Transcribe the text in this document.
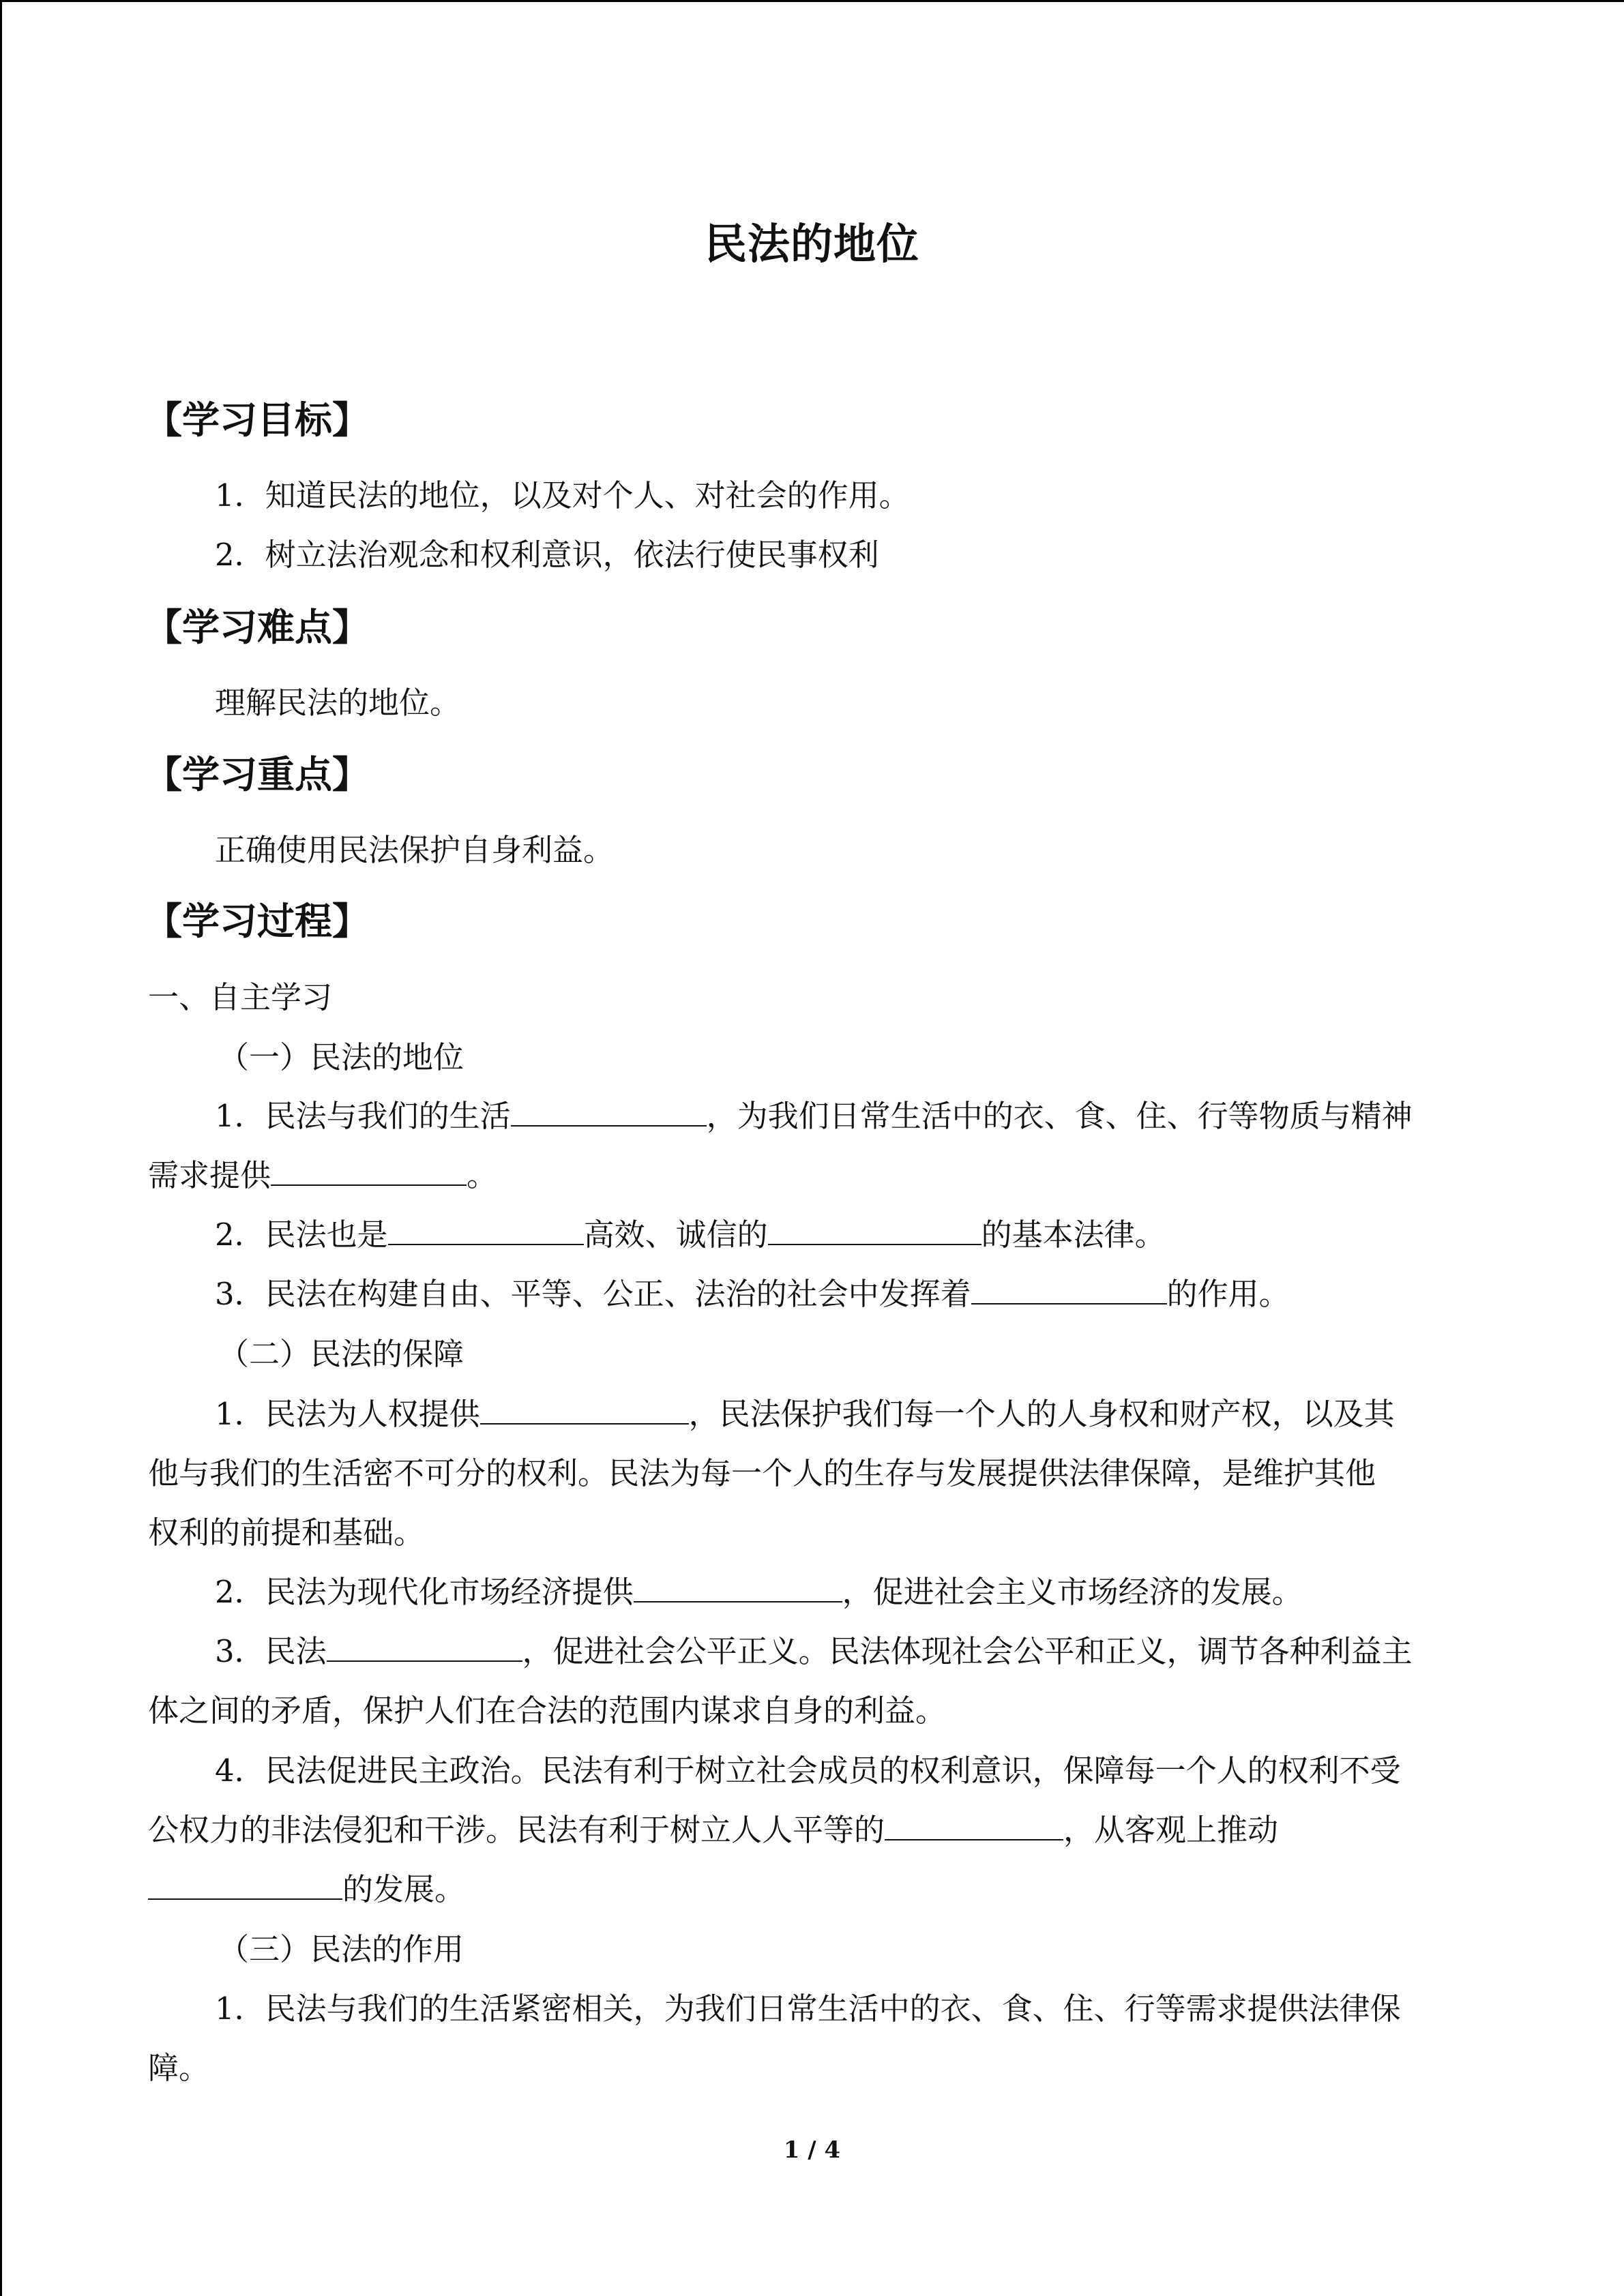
民法的地位
【学习目标】
1．知道民法的地位，以及对个人、对社会的作用。
2．树立法治观念和权利意识，依法行使民事权利
【学习难点】
理解民法的地位。
【学习重点】
正确使用民法保护自身利益。
【学习过程】
一、自主学习
（一）民法的地位
1．民法与我们的生活	，为我们日常生活中的衣、食、住、行等物质与精神
需求提供	。
2．民法也是	高效、诚信的	的基本法律。
3．民法在构建自由、平等、公正、法治的社会中发挥着	的作用。
（二）民法的保障
1．民法为人权提供	，民法保护我们每一个人的人身权和财产权，以及其
他与我们的生活密不可分的权利。民法为每一个人的生存与发展提供法律保障，是维护其他
权利的前提和基础。
2．民法为现代化市场经济提供	，促进社会主义市场经济的发展。
3．民法	，促进社会公平正义。民法体现社会公平和正义，调节各种利益主
体之间的矛盾，保护人们在合法的范围内谋求自身的利益。
4．民法促进民主政治。民法有利于树立社会成员的权利意识，保障每一个人的权利不受
公权力的非法侵犯和干涉。民法有利于树立人人平等的	，从客观上推动
的发展。
（三）民法的作用
1．民法与我们的生活紧密相关，为我们日常生活中的衣、食、住、行等需求提供法律保
障。
1 / 4
